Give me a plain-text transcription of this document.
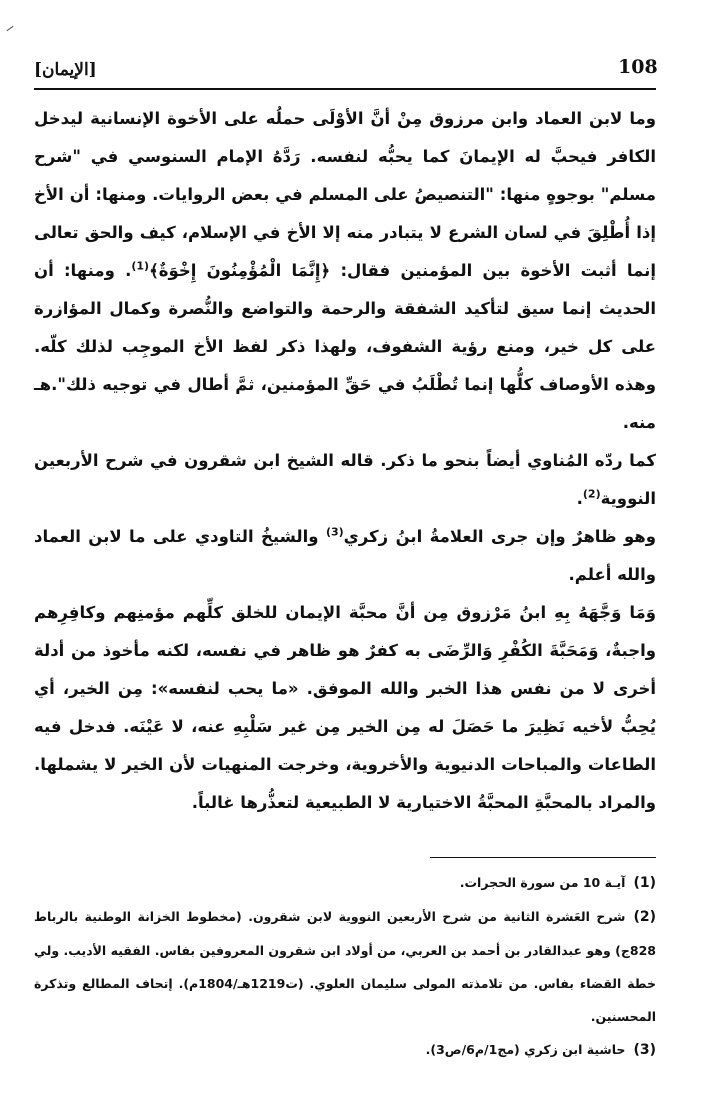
108
[الإيمان]

وما لابن العماد وابن مرزوق مِنْ أنَّ الأوْلَى حملُه على الأخوة الإنسانية ليدخل الكافر فيحبَّ له الإيمانَ كما يحبُّه لنفسه. رَدَّهُ الإمام السنوسي في "شرح مسلم" بوجوهٍ منها: "التنصيصُ على المسلم في بعض الروايات. ومنها: أن الأخ إذا أُطْلِقَ في لسان الشرع لا يتبادر منه إلا الأخ في الإسلام، كيف والحق تعالى إنما أثبت الأخوة بين المؤمنين فقال: ﴿إِنَّمَا الْمُؤْمِنُونَ إِخْوَةٌ﴾$^{(1)}$. ومنها: أن الحديث إنما سيق لتأكيد الشفقة والرحمة والتواضع والنُّصرة وكمال المؤازرة على كل خير، ومنع رؤية الشفوف، ولهذا ذكر لفظ الأخ الموجِب لذلك كلّه. وهذه الأوصاف كلُّها إنما تُطْلَبُ في حَقِّ المؤمنين، ثمَّ أطال في توجيه ذلك".هـ منه.

كما ردّه المُناوي أيضاً بنحو ما ذكر. قاله الشيخ ابن شقرون في شرح الأربعين النووية$^{(2)}$.

وهو ظاهرٌ وإن جرى العلامةُ ابنُ زكري$^{(3)}$ والشيخُ التاودي على ما لابن العماد والله أعلم.

وَمَا وَجَّهَهُ بِهِ ابنُ مَرْزوق مِن أنَّ محبَّة الإيمان للخلق كلِّهم مؤمنِهم وكافِرِهم واجبةٌ، وَمَحَبَّةَ الكُفْرِ وَالرِّضَى به كفرٌ هو ظاهر في نفسه، لكنه مأخوذ من أدلة أخرى لا من نفس هذا الخبر والله الموفق. «ما يحب لنفسه»: مِن الخير، أي يُحِبُّ لأخيه نَظِيرَ ما حَصَلَ له مِن الخير مِن غير سَلْبِهِ عنه، لا عَيْنَه. فدخل فيه الطاعات والمباحات الدنيوية والأخروية، وخرجت المنهيات لأن الخير لا يشملها. والمراد بالمحبَّةِ المحبَّةُ الاختيارية لا الطبيعية لتعذُّرها غالباً.

(1)آيـة 10 من سورة الحجرات.

(2)شرح العَشرة الثانية من شرح الأربعين النووية لابن شقرون. (مخطوط الخزانة الوطنية بالرباط 828ج) وهو عبدالقادر بن أحمد بن العربي، من أولاد ابن شقرون المعروفين بفاس. الفقيه الأديب. ولي خطة القضاء بفاس. من تلامذته المولى سليمان العلوي. (ت1219هـ/1804م). إتحاف المطالع وتذكرة المحسنين.

(3)حاشية ابن زكري (مج1/م6/ص3).
